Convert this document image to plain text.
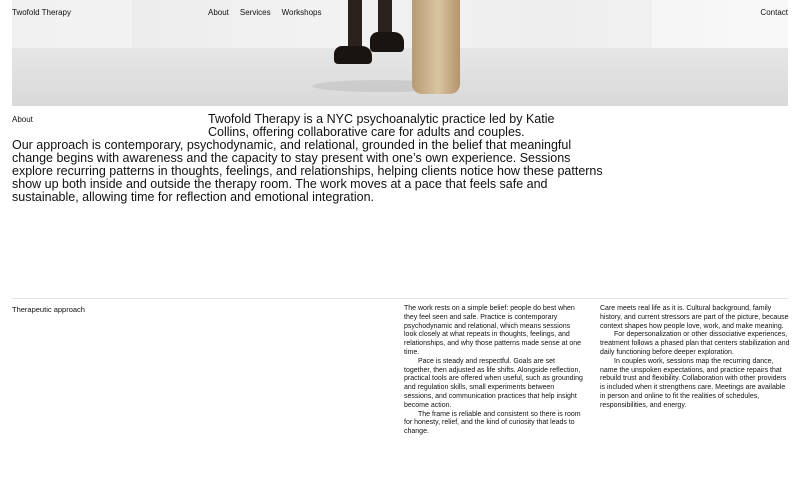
Twofold Therapy	About Services Workshops	Contact
About	Twofold Therapy is a NYC psychoanalytic practice led by Katie Collins, offering collaborative care for adults and couples.
Our approach is contemporary, psychodynamic, and relational, grounded in the belief that meaningful change begins with awareness and the capacity to stay present with one’s own experience. Sessions explore recurring patterns in thoughts, feelings, and relationships, helping clients notice how these patterns show up both inside and outside the therapy room. The work moves at a pace that feels safe and sustainable, allowing time for reflection and emotional integration.
Therapeutic approach	The work rests on a simple belief: people do best when they feel seen and safe. Practice is contemporary psychodynamic and relational, which means sessions look closely at what repeats in thoughts, feelings, and relationships, and why those patterns made sense at one time.

Pace is steady and respectful. Goals are set together, then adjusted as life shifts. Alongside reflection, practical tools are offered when useful, such as grounding and regulation skills, small experiments between sessions, and communication practices that help insight become action.

The frame is reliable and consistent so there is room for honesty, relief, and the kind of curiosity that leads to change.

Care meets real life as it is. Cultural background, family history, and current stressors are part of the picture, because context shapes how people love, work, and make meaning.

For depersonalization or other dissociative experiences, treatment follows a phased plan that centers stabilization and daily functioning before deeper exploration.

In couples work, sessions map the recurring dance, name the unspoken expectations, and practice repairs that rebuild trust and flexibility. Collaboration with other providers is included when it strengthens care. Meetings are available in person and online to fit the realities of schedules, responsibilities, and energy.
